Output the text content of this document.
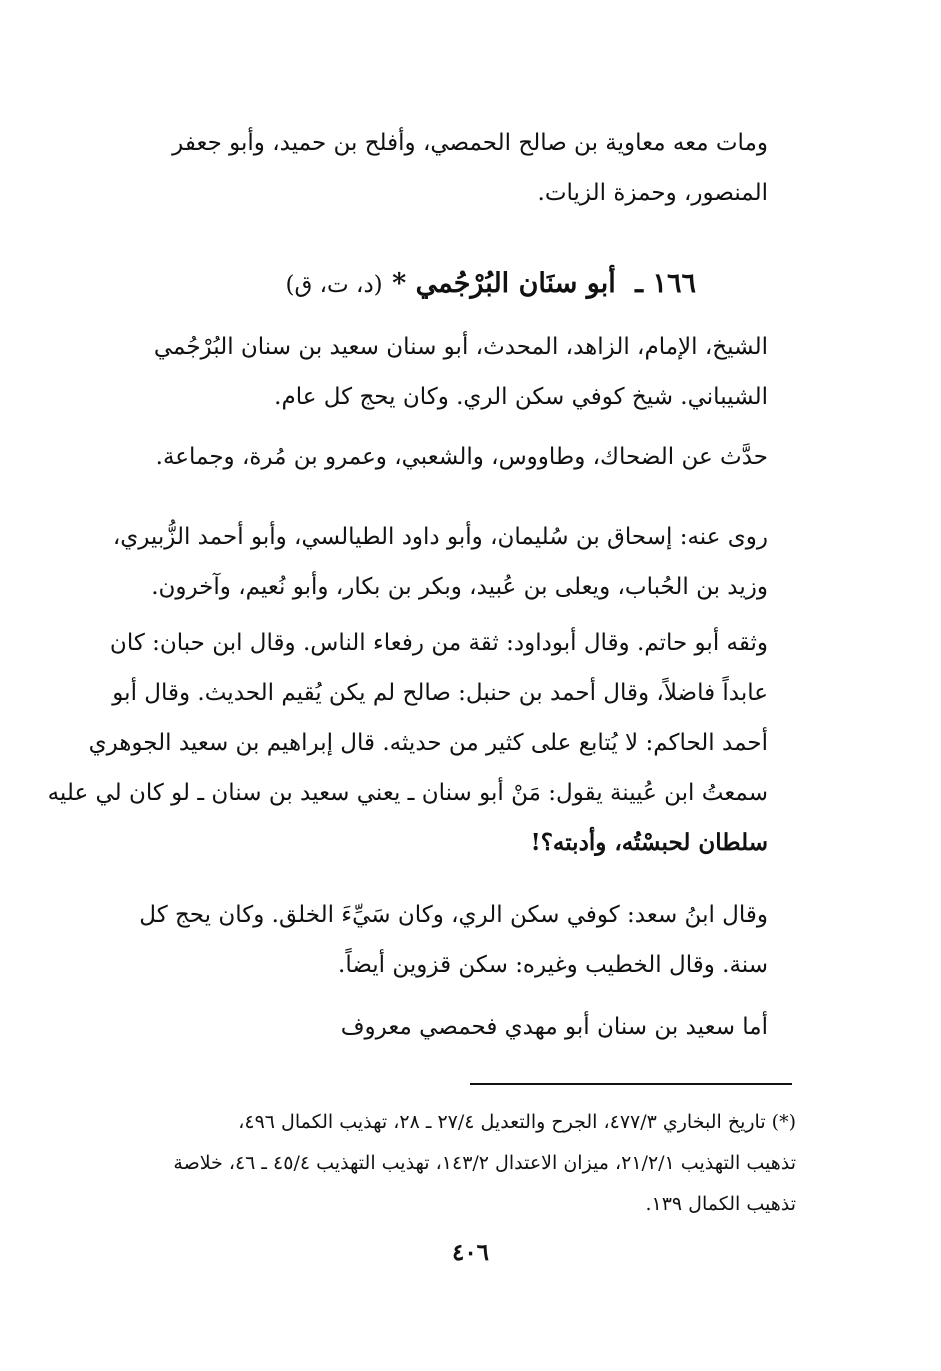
ومات معه معاوية بن صالح الحمصي، وأفلح بن حميد، وأبو جعفر
المنصور، وحمزة الزيات.

١٦٦ ـ أبو سنَان البُرْجُمي * (د، ت، ق)

الشيخ، الإمام، الزاهد، المحدث، أبو سنان سعيد بن سنان البُرْجُمي
الشيباني. شيخ كوفي سكن الري. وكان يحج كل عام.

حدَّث عن الضحاك، وطاووس، والشعبي، وعمرو بن مُرة، وجماعة.

روى عنه: إسحاق بن سُليمان، وأبو داود الطيالسي، وأبو أحمد الزُّبيري،
وزيد بن الحُباب، ويعلى بن عُبيد، وبكر بن بكار، وأبو نُعيم، وآخرون.

وثقه أبو حاتم. وقال أبوداود: ثقة من رفعاء الناس. وقال ابن حبان: كان
عابداً فاضلاً، وقال أحمد بن حنبل: صالح لم يكن يُقيم الحديث. وقال أبو
أحمد الحاكم: لا يُتابع على كثير من حديثه. قال إبراهيم بن سعيد الجوهري
سمعتُ ابن عُيينة يقول: مَنْ أبو سنان ـ يعني سعيد بن سنان ـ لو كان لي عليه
سلطان لحبسْتُه، وأدبته؟!

وقال ابنُ سعد: كوفي سكن الري، وكان سَيِّءَ الخلق. وكان يحج كل
سنة. وقال الخطيب وغيره: سكن قزوين أيضاً.

أما سعيد بن سنان أبو مهدي فحمصي معروف

(*) تاريخ البخاري ٤٧٧/٣، الجرح والتعديل ٢٧/٤ ـ ٢٨، تهذيب الكمال ٤٩٦،
تذهيب التهذيب ٢١/٢/١، ميزان الاعتدال ١٤٣/٢، تهذيب التهذيب ٤٥/٤ ـ ٤٦، خلاصة
تذهيب الكمال ١٣٩.
٤٠٦
